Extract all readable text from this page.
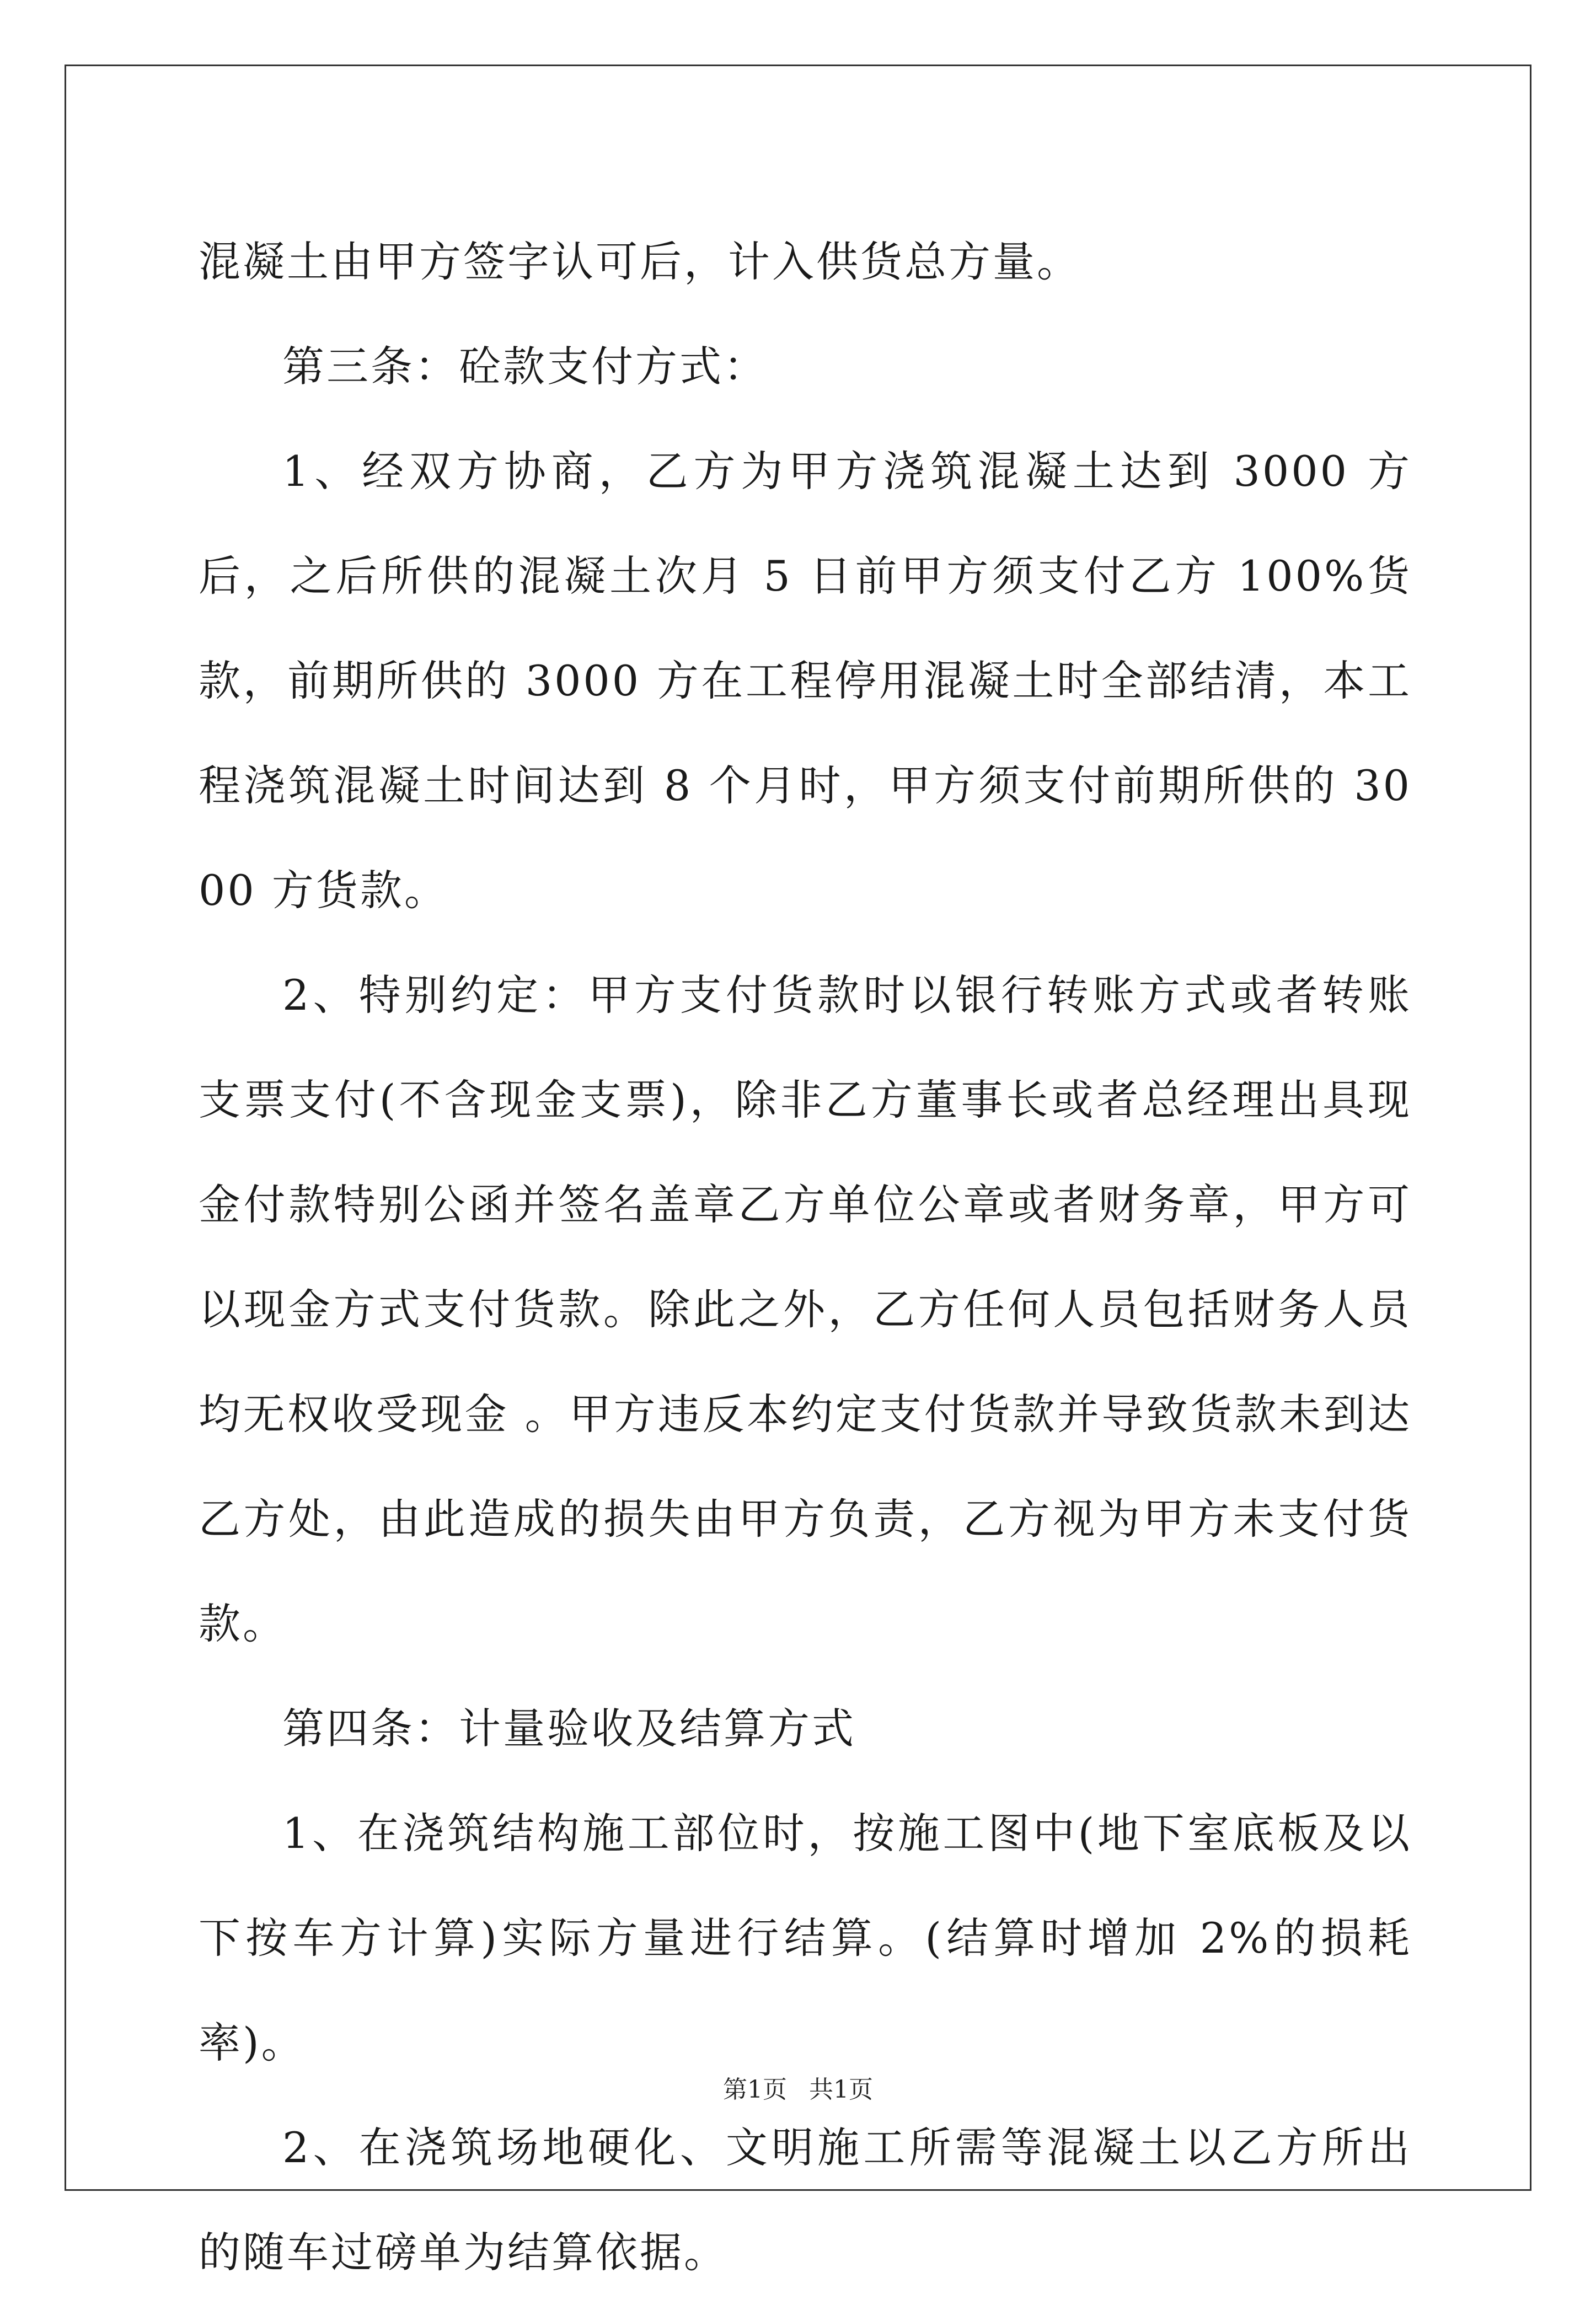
混凝土由甲方签字认可后，计入供货总方量。

第三条：砼款支付方式：

1、经双方协商，乙方为甲方浇筑混凝土达到 3000 方后，之后所供的混凝土次月 5 日前甲方须支付乙方 100%货款，前期所供的 3000 方在工程停用混凝土时全部结清，本工程浇筑混凝土时间达到 8 个月时，甲方须支付前期所供的 3000 方货款。

2、特别约定：甲方支付货款时以银行转账方式或者转账支票支付(不含现金支票)，除非乙方董事长或者总经理出具现金付款特别公函并签名盖章乙方单位公章或者财务章，甲方可以现金方式支付货款。除此之外，乙方任何人员包括财务人员均无权收受现金 。甲方违反本约定支付货款并导致货款未到达乙方处，由此造成的损失由甲方负责，乙方视为甲方未支付货款。

第四条：计量验收及结算方式

1、在浇筑结构施工部位时，按施工图中(地下室底板及以下按车方计算)实际方量进行结算。(结算时增加 2%的损耗率)。

2、在浇筑场地硬化、文明施工所需等混凝土以乙方所出的随车过磅单为结算依据。

第1页 共1页
